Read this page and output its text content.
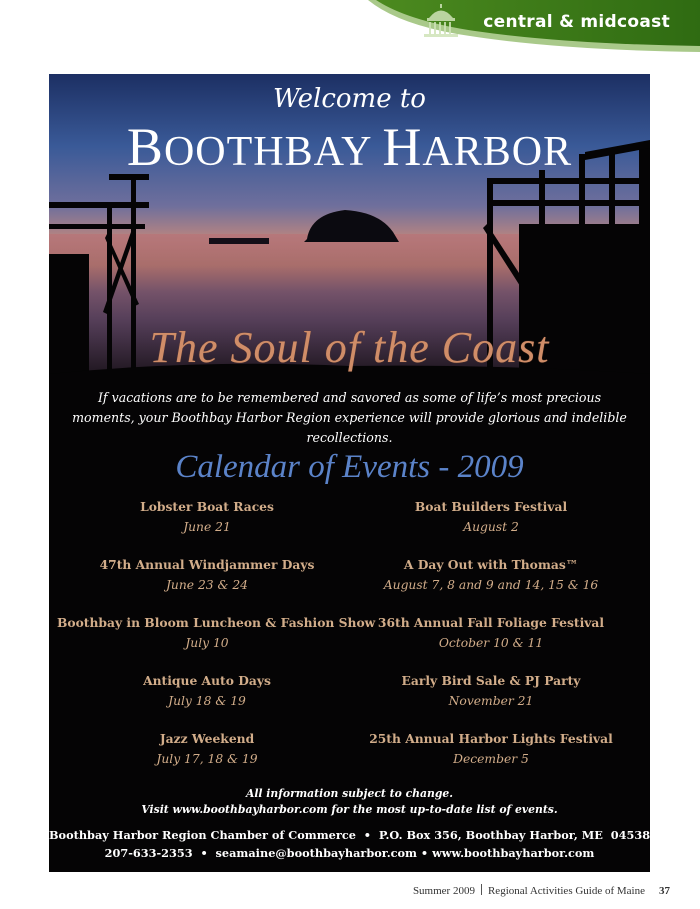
central & midcoast
Welcome to
BOOTHBAY HARBOR
The Soul of the Coast
If vacations are to be remembered and savored as some of life’s most precious moments, your Boothbay Harbor Region experience will provide glorious and indelible recollections.
Calendar of Events - 2009
Lobster Boat Races
June 21
47th Annual Windjammer Days
June 23 & 24
Boothbay in Bloom Luncheon & Fashion Show
July 10
Antique Auto Days
July 18 & 19
Jazz Weekend
July 17, 18 & 19
Boat Builders Festival
August 2
A Day Out with Thomas™
August 7, 8 and 9 and 14, 15 & 16
36th Annual Fall Foliage Festival
October 10 & 11
Early Bird Sale & PJ Party
November 21
25th Annual Harbor Lights Festival
December 5
All information subject to change.
Visit www.boothbayharbor.com for the most up-to-date list of events.
Boothbay Harbor Region Chamber of Commerce  •  P.O. Box 356, Boothbay Harbor, ME  04538
207-633-2353  •  seamaine@boothbayharbor.com • www.boothbayharbor.com
Summer 2009 Regional Activities Guide of Maine 37
